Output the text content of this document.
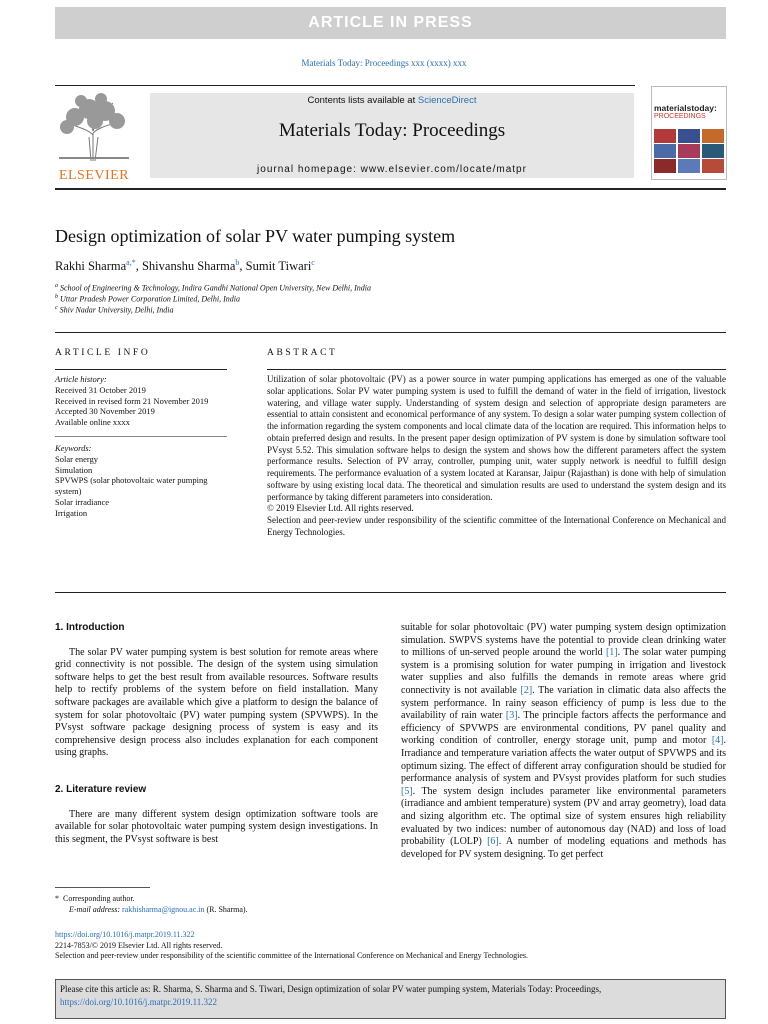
ARTICLE IN PRESS
Materials Today: Proceedings xxx (xxxx) xxx
ELSEVIER
Contents lists available at ScienceDirect
Materials Today: Proceedings
journal homepage: www.elsevier.com/locate/matpr
materialstoday:
PROCEEDINGS
Design optimization of solar PV water pumping system
Rakhi Sharma$^{a,*}$, Shivanshu Sharma$^b$, Sumit Tiwari$^c$
$^a$ School of Engineering & Technology, Indira Gandhi National Open University, New Delhi, India
$^b$ Uttar Pradesh Power Corporation Limited, Delhi, India
$^c$ Shiv Nadar University, Delhi, India
ARTICLE INFO
Article history:
Received 31 October 2019
Received in revised form 21 November 2019
Accepted 30 November 2019
Available online xxxx
Keywords:
Solar energy
Simulation
SPVWPS (solar photovoltaic water pumping system)
Solar irradiance
Irrigation
ABSTRACT

Utilization of solar photovoltaic (PV) as a power source in water pumping applications has emerged as one of the valuable solar applications. Solar PV water pumping system is used to fulfill the demand of water in the field of irrigation, livestock watering, and village water supply. Understanding of system design and selection of appropriate design parameters are essential to attain consistent and economical performance of any system. To design a solar water pumping system collection of the information regarding the system components and local climate data of the location are required. This information helps to obtain preferred design and results. In the present paper design optimization of PV system is done by simulation software tool PVsyst 5.52. This simulation software helps to design the system and shows how the different parameters affect the system performance results. Selection of PV array, controller, pumping unit, water supply network is needful to fulfill design requirements. The performance evaluation of a system located at Karansar, Jaipur (Rajasthan) is done with help of simulation software by using existing local data. The theoretical and simulation results are used to understand the system design and its performance by taking different parameters into consideration.

© 2019 Elsevier Ltd. All rights reserved.

Selection and peer-review under responsibility of the scientific committee of the International Conference on Mechanical and Energy Technologies.

1. Introduction

The solar PV water pumping system is best solution for remote areas where grid connectivity is not possible. The design of the system using simulation software helps to get the best result from available resources. Software results help to rectify problems of the system before on field installation. Many software packages are available which give a platform to design the balance of system for solar photovoltaic (PV) water pumping system (SPVWPS). In the PVsyst software package designing process of system is easy and its comprehensive design process also includes explanation for each component using graphs.

2. Literature review

There are many different system design optimization software tools are available for solar photovoltaic water pumping system design investigations. In this segment, the PVsyst software is best

suitable for solar photovoltaic (PV) water pumping system design optimization simulation. SWPVS systems have the potential to provide clean drinking water to millions of un-served people around the world [1]. The solar water pumping system is a promising solution for water pumping in irrigation and livestock water supplies and also fulfills the demands in remote areas where grid connectivity is not available [2]. The variation in climatic data also affects the system performance. In rainy season efficiency of pump is less due to the availability of rain water [3]. The principle factors affects the performance and efficiency of SPVWPS are environmental conditions, PV panel quality and working condition of controller, energy storage unit, pump and motor [4]. Irradiance and temperature variation affects the water output of SPVWPS and its optimum sizing. The effect of different array configuration should be studied for performance analysis of system and PVsyst provides platform for such studies [5]. The system design includes parameter like environmental parameters (irradiance and ambient temperature) system (PV and array geometry), load data and sizing algorithm etc. The optimal size of system ensures high reliability evaluated by two indices: number of autonomous day (NAD) and loss of load probability (LOLP) [6]. A number of modeling equations and methods has developed for PV system designing. To get perfect

* Corresponding author.
E-mail address: rakhisharma@ignou.ac.in (R. Sharma).
https://doi.org/10.1016/j.matpr.2019.11.322
2214-7853/© 2019 Elsevier Ltd. All rights reserved.
Selection and peer-review under responsibility of the scientific committee of the International Conference on Mechanical and Energy Technologies.
Please cite this article as: R. Sharma, S. Sharma and S. Tiwari, Design optimization of solar PV water pumping system, Materials Today: Proceedings,
https://doi.org/10.1016/j.matpr.2019.11.322
